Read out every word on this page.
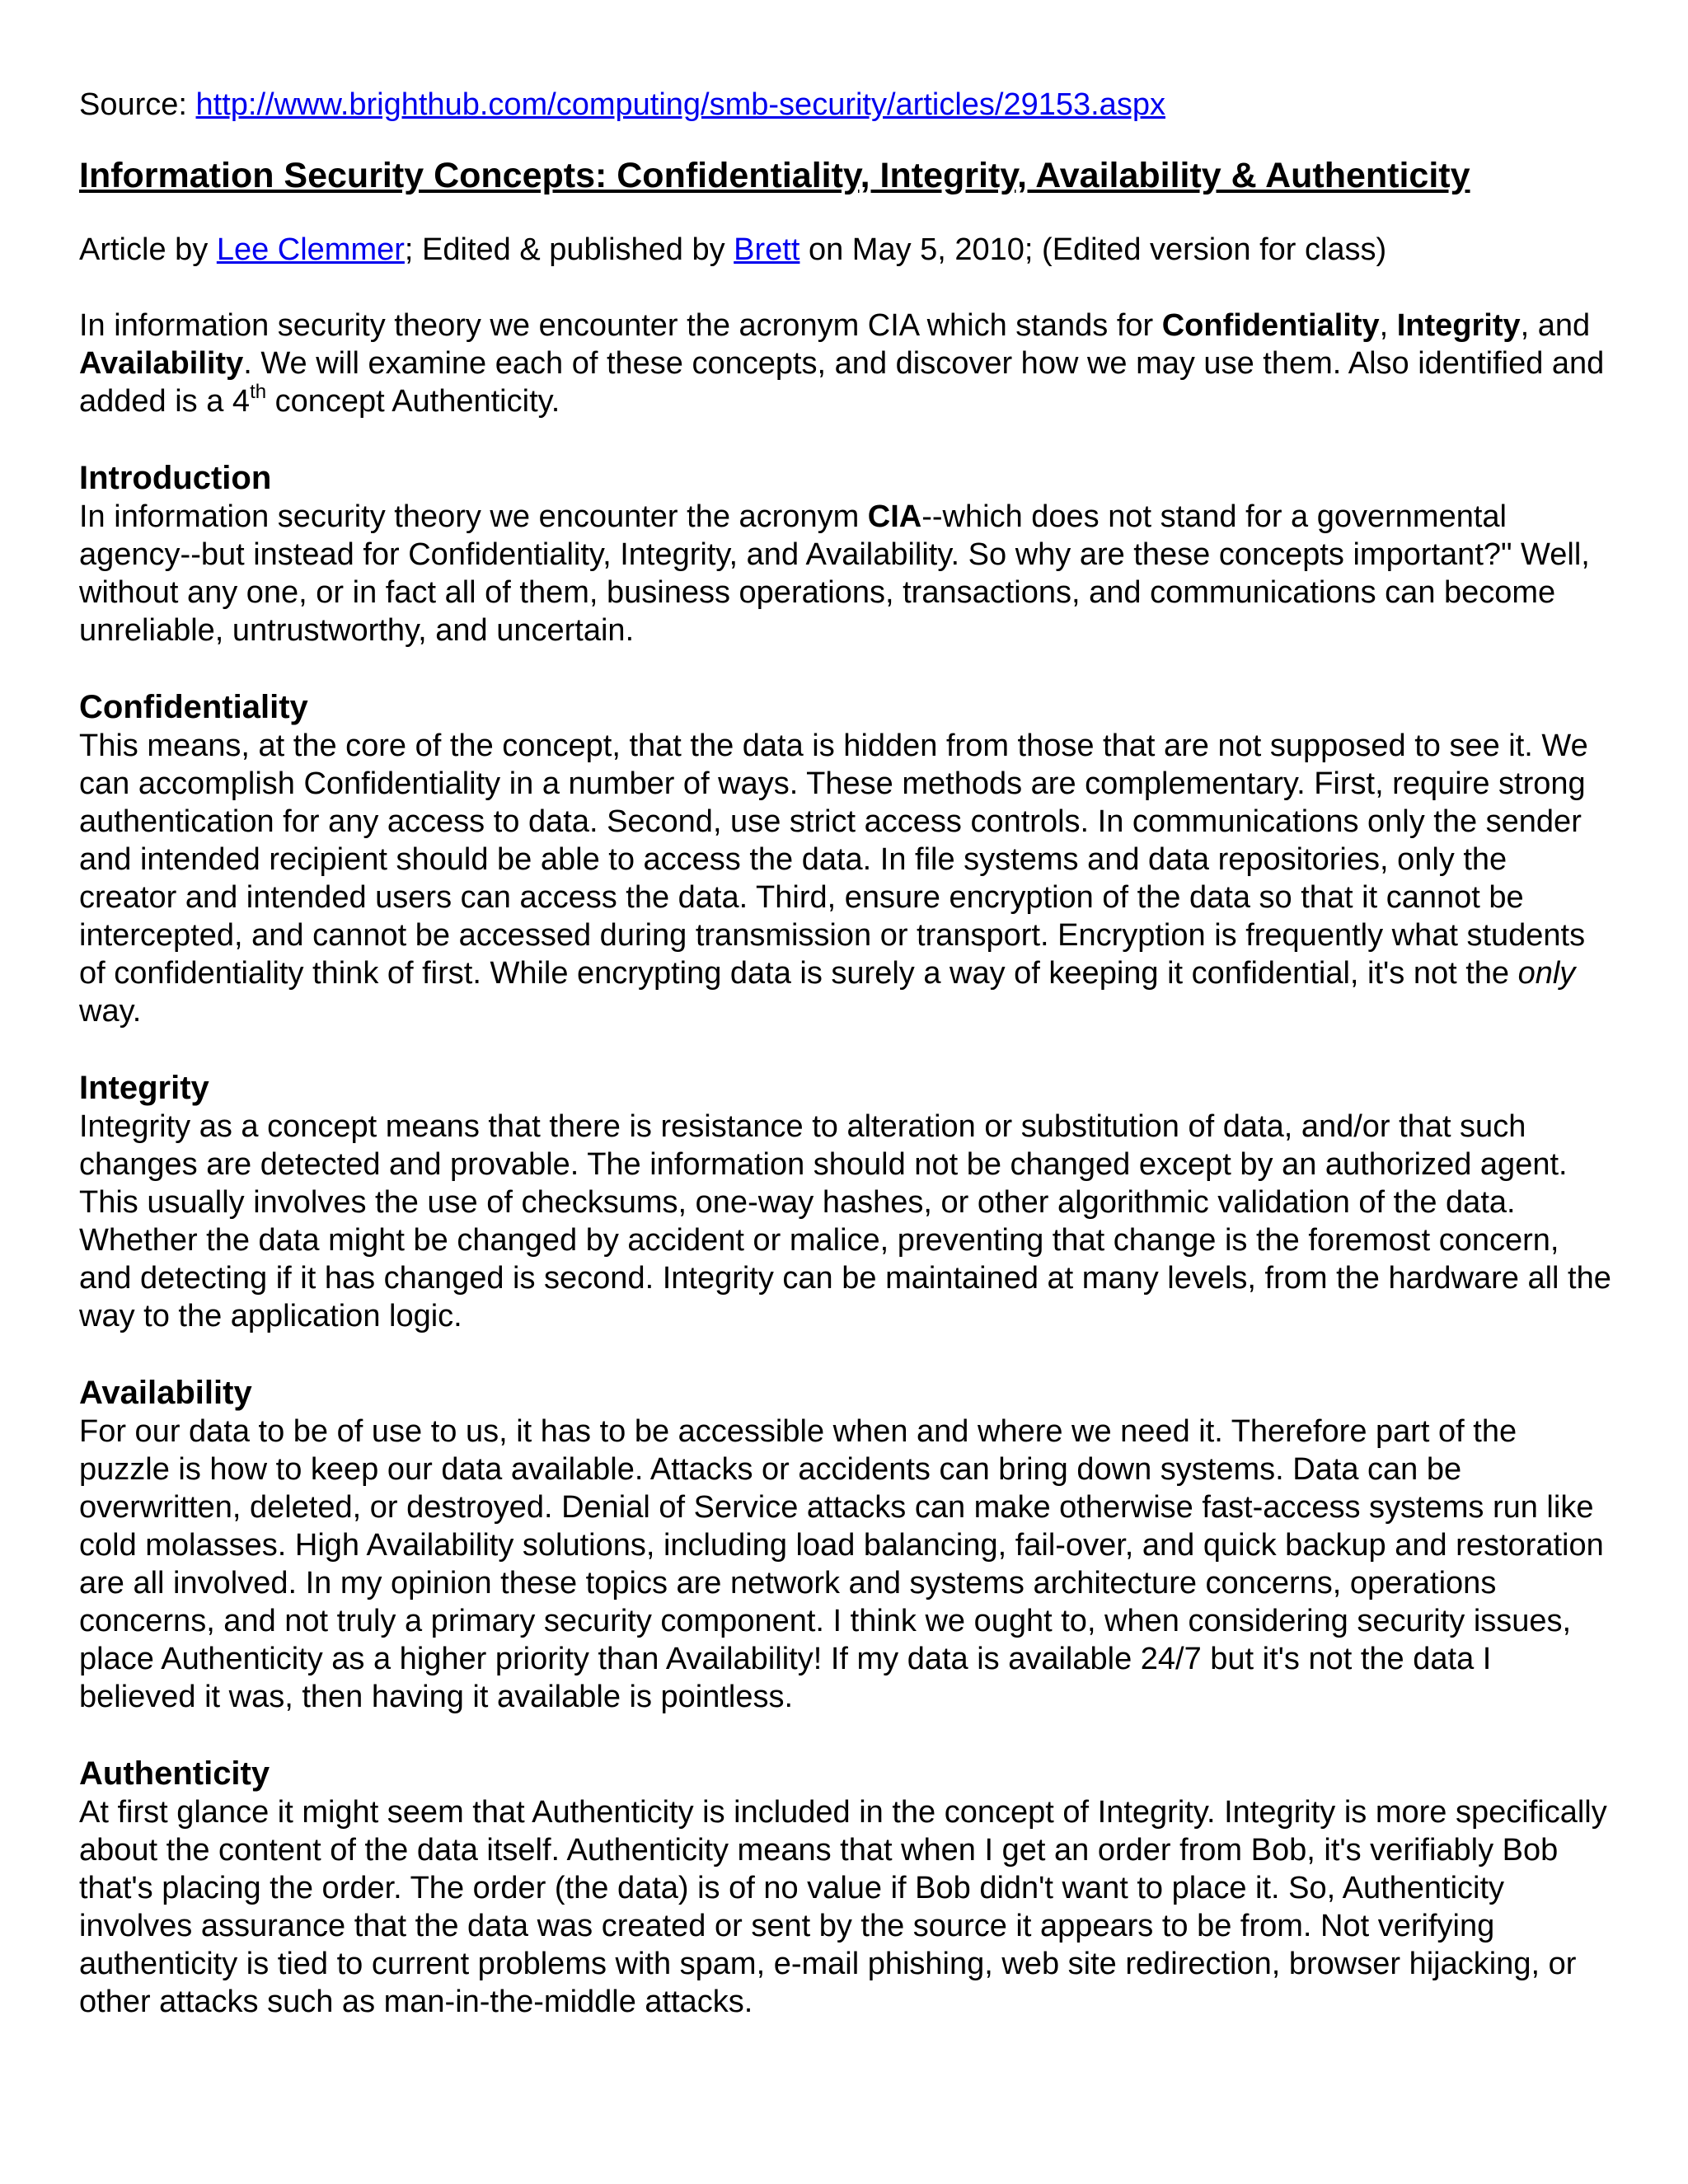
Source: http://www.brighthub.com/computing/smb-security/articles/29153.aspx

Information Security Concepts: Confidentiality, Integrity, Availability & Authenticity

Article by Lee Clemmer; Edited & published by Brett on May 5, 2010; (Edited version for class)

In information security theory we encounter the acronym CIA which stands for Confidentiality, Integrity, and Availability. We will examine each of these concepts, and discover how we may use them. Also identified and added is a 4th concept Authenticity.

Introduction

In information security theory we encounter the acronym CIA--which does not stand for a governmental agency--but instead for Confidentiality, Integrity, and Availability. So why are these concepts important?" Well, without any one, or in fact all of them, business operations, transactions, and communications can become unreliable, untrustworthy, and uncertain.

Confidentiality

This means, at the core of the concept, that the data is hidden from those that are not supposed to see it. We can accomplish Confidentiality in a number of ways. These methods are complementary. First, require strong authentication for any access to data. Second, use strict access controls. In communications only the sender and intended recipient should be able to access the data. In file systems and data repositories, only the creator and intended users can access the data. Third, ensure encryption of the data so that it cannot be intercepted, and cannot be accessed during transmission or transport. Encryption is frequently what students of confidentiality think of first. While encrypting data is surely a way of keeping it confidential, it's not the only way.

Integrity

Integrity as a concept means that there is resistance to alteration or substitution of data, and/or that such changes are detected and provable. The information should not be changed except by an authorized agent. This usually involves the use of checksums, one-way hashes, or other algorithmic validation of the data. Whether the data might be changed by accident or malice, preventing that change is the foremost concern, and detecting if it has changed is second. Integrity can be maintained at many levels, from the hardware all the way to the application logic.

Availability

For our data to be of use to us, it has to be accessible when and where we need it. Therefore part of the puzzle is how to keep our data available. Attacks or accidents can bring down systems. Data can be overwritten, deleted, or destroyed. Denial of Service attacks can make otherwise fast-access systems run like cold molasses. High Availability solutions, including load balancing, fail-over, and quick backup and restoration are all involved. In my opinion these topics are network and systems architecture concerns, operations concerns, and not truly a primary security component. I think we ought to, when considering security issues, place Authenticity as a higher priority than Availability! If my data is available 24/7 but it's not the data I believed it was, then having it available is pointless.

Authenticity

At first glance it might seem that Authenticity is included in the concept of Integrity. Integrity is more specifically about the content of the data itself. Authenticity means that when I get an order from Bob, it's verifiably Bob that's placing the order. The order (the data) is of no value if Bob didn't want to place it. So, Authenticity involves assurance that the data was created or sent by the source it appears to be from. Not verifying authenticity is tied to current problems with spam, e-mail phishing, web site redirection, browser hijacking, or other attacks such as man-in-the-middle attacks.
